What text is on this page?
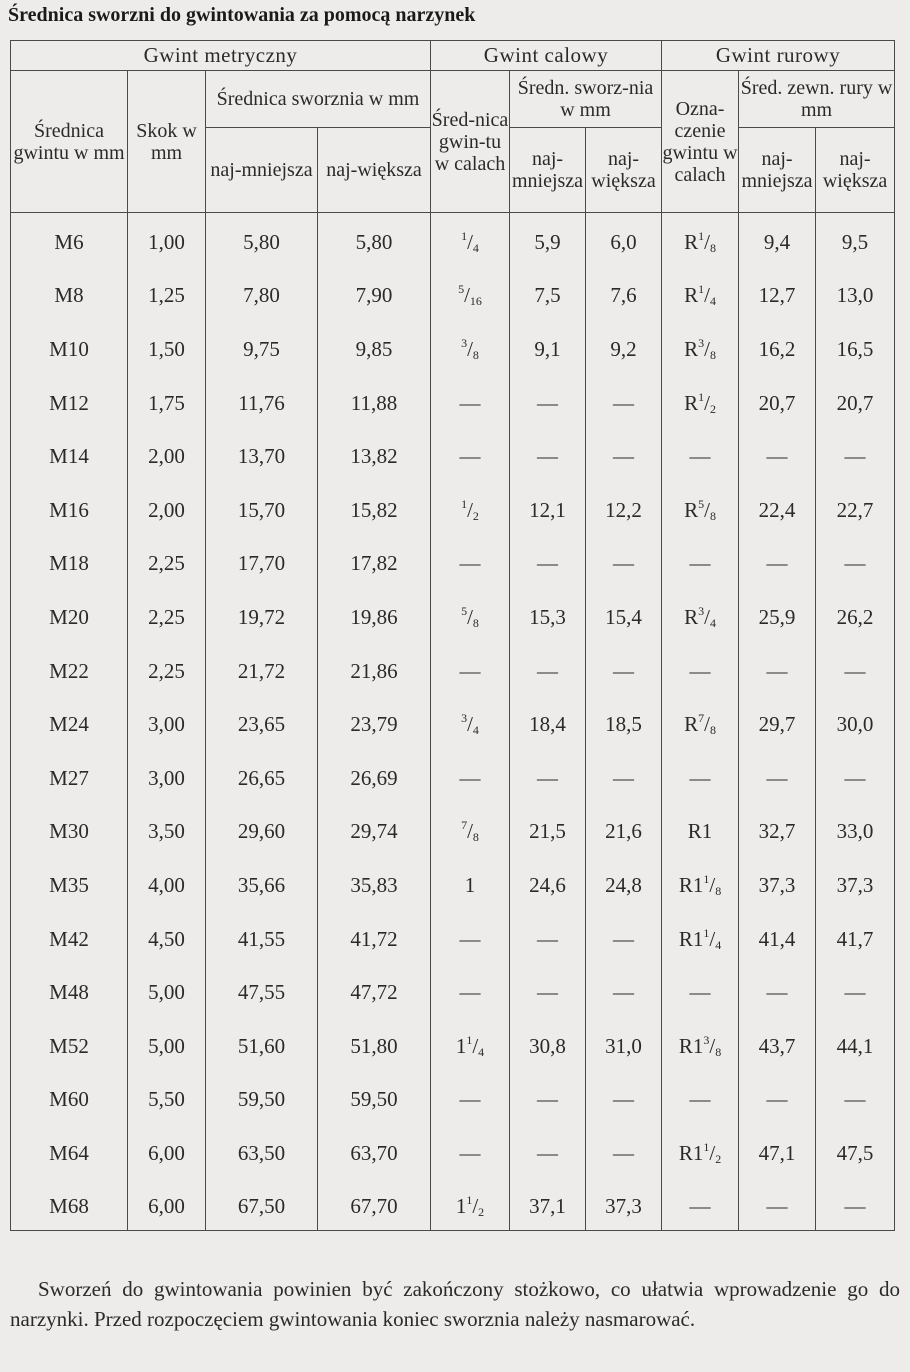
Średnica sworzni do gwintowania za pomocą narzynek
Gwint metryczny				Gwint calowy			Gwint rurowy		
Średnica gwintu w mm	Skok w mm	Średnica sworznia w mm		Śred-nica gwin-tu w calach	Średn. sworz-nia w mm		Ozna-czenie gwintu w calach	Śred. zewn. rury w mm	
		naj-mniejsza	naj-większa		naj-mniejsza	naj-większa		naj-mniejsza	naj-większa
M6	1,00	5,80	5,80	$^1/_4$	5,9	6,0	$R^1/_8$	9,4	9,5
M8	1,25	7,80	7,90	$^5/_{16}$	7,5	7,6	$R^1/_4$	12,7	13,0
M10	1,50	9,75	9,85	$^3/_8$	9,1	9,2	$R^3/_8$	16,2	16,5
M12	1,75	11,76	11,88	—	—	—	$R^1/_2$	20,7	20,7
M14	2,00	13,70	13,82	—	—	—	—	—	—
M16	2,00	15,70	15,82	$^1/_2$	12,1	12,2	$R^5/_8$	22,4	22,7
M18	2,25	17,70	17,82	—	—	—	—	—	—
M20	2,25	19,72	19,86	$^5/_8$	15,3	15,4	$R^3/_4$	25,9	26,2
M22	2,25	21,72	21,86	—	—	—	—	—	—
M24	3,00	23,65	23,79	$^3/_4$	18,4	18,5	$R^7/_8$	29,7	30,0
M27	3,00	26,65	26,69	—	—	—	—	—	—
M30	3,50	29,60	29,74	$^7/_8$	21,5	21,6	R1	32,7	33,0
M35	4,00	35,66	35,83	1	24,6	24,8	$R1^1/_8$	37,3	37,3
M42	4,50	41,55	41,72	—	—	—	$R1^1/_4$	41,4	41,7
M48	5,00	47,55	47,72	—	—	—	—	—	—
M52	5,00	51,60	51,80	$1^1/_4$	30,8	31,0	$R1^3/_8$	43,7	44,1
M60	5,50	59,50	59,50	—	—	—	—	—	—
M64	6,00	63,50	63,70	—	—	—	$R1^1/_2$	47,1	47,5
M68	6,00	67,50	67,70	$1^1/_2$	37,1	37,3	—	—	—

Sworzeń do gwintowania powinien być zakończony stożkowo, co ułatwia wprowadzenie go do narzynki. Przed rozpoczęciem gwintowania koniec sworznia należy nasmarować.
